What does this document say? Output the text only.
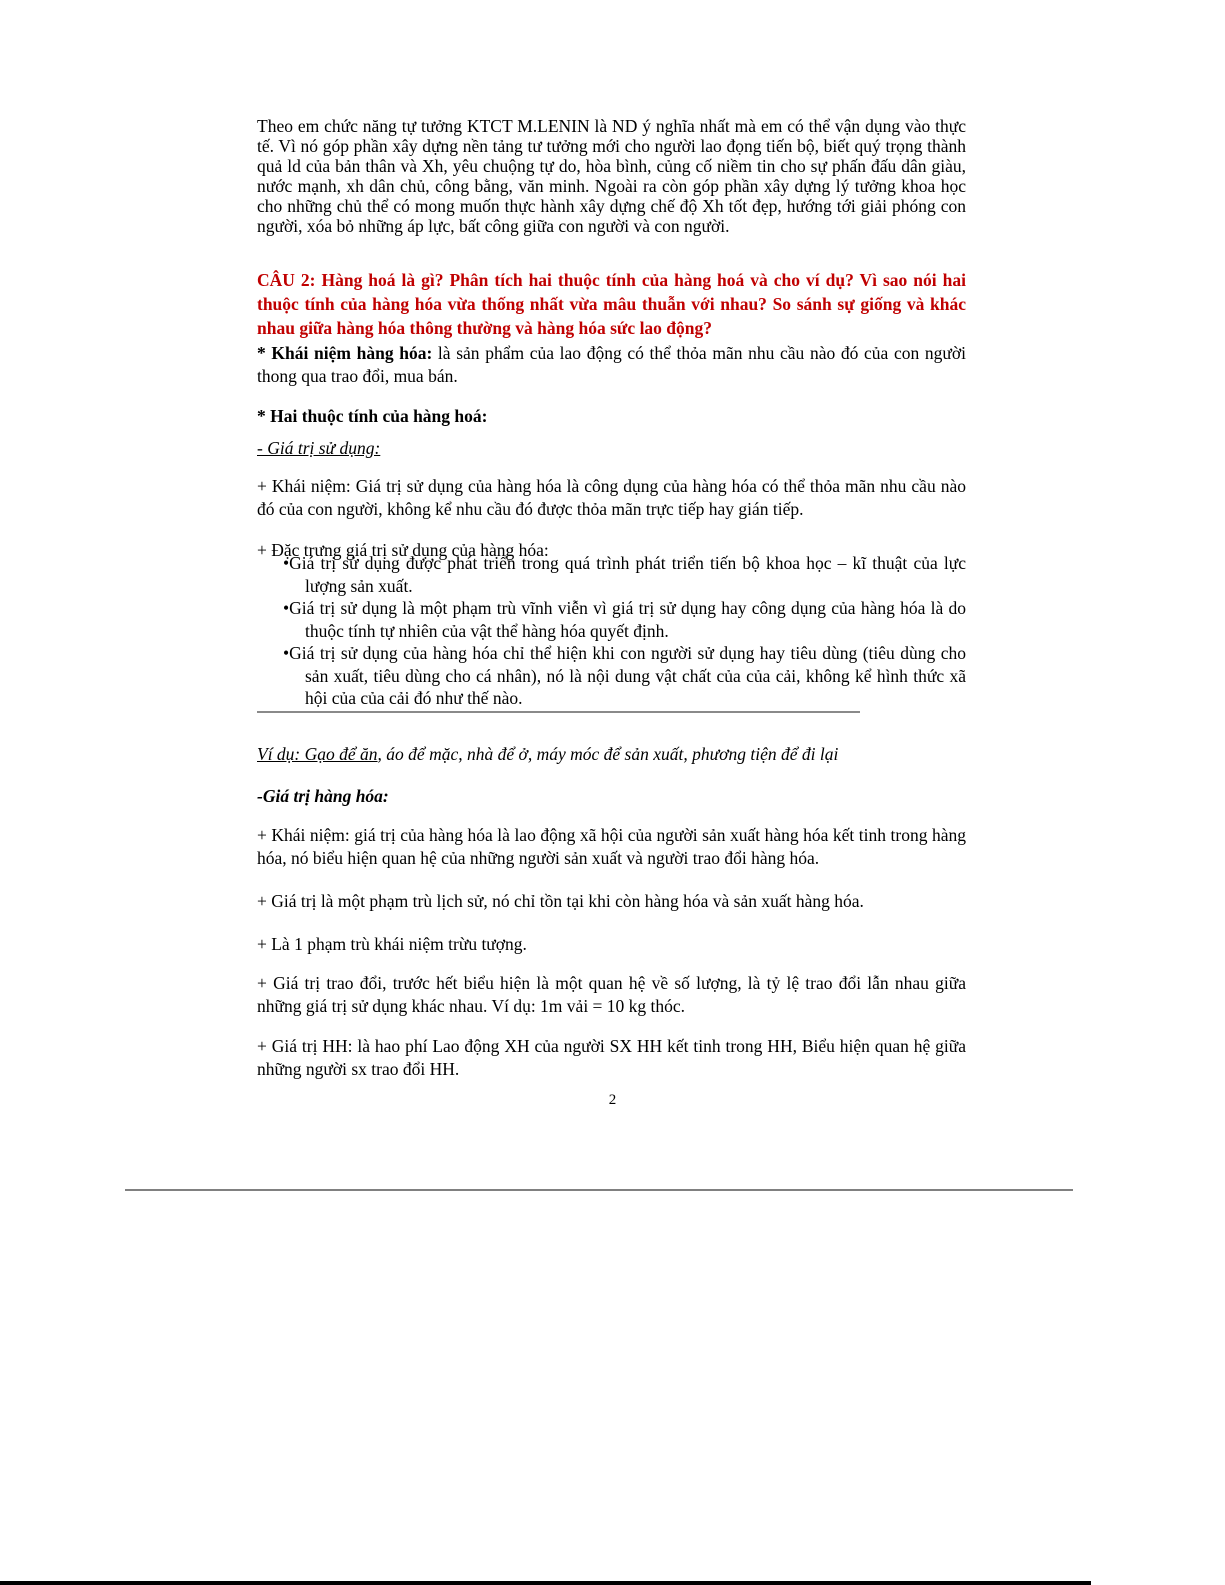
Theo em chức năng tự tưởng KTCT M.LENIN là ND ý nghĩa nhất mà em có thể vận dụng vào thực tế. Vì nó góp phần xây dựng nền tảng tư tưởng mới cho người lao đọng tiến bộ, biết quý trọng thành quả ld của bản thân và Xh, yêu chuộng tự do, hòa bình, củng cố niềm tin cho sự phấn đấu dân giàu, nước mạnh, xh dân chủ, công bằng, văn minh. Ngoài ra còn góp phần xây dựng lý tưởng khoa học cho những chủ thể có mong muốn thực hành xây dựng chế độ Xh tốt đẹp, hướng tới giải phóng con người, xóa bỏ những áp lực, bất công giữa con người và con người.

CÂU 2: Hàng hoá là gì? Phân tích hai thuộc tính của hàng hoá và cho ví dụ? Vì sao nói hai thuộc tính của hàng hóa vừa thống nhất vừa mâu thuẫn với nhau? So sánh sự giống và khác nhau giữa hàng hóa thông thường và hàng hóa sức lao động?

* Khái niệm hàng hóa: là sản phẩm của lao động có thể thỏa mãn nhu cầu nào đó của con người thong qua trao đổi, mua bán.

* Hai thuộc tính của hàng hoá:

- Giá trị sử dụng:

+ Khái niệm: Giá trị sử dụng của hàng hóa là công dụng của hàng hóa có thể thỏa mãn nhu cầu nào đó của con người, không kể nhu cầu đó được thỏa mãn trực tiếp hay gián tiếp.

+ Đặc trưng giá trị sử dụng của hàng hóa:

• Giá trị sử dụng được phát triển trong quá trình phát triển tiến bộ khoa học – kĩ thuật của lực lượng sản xuất.
• Giá trị sử dụng là một phạm trù vĩnh viễn vì giá trị sử dụng hay công dụng của hàng hóa là do thuộc tính tự nhiên của vật thể hàng hóa quyết định.
• Giá trị sử dụng của hàng hóa chỉ thể hiện khi con người sử dụng hay tiêu dùng (tiêu dùng cho sản xuất, tiêu dùng cho cá nhân), nó là nội dung vật chất của của cải, không kể hình thức xã hội của của cải đó như thế nào.

Ví dụ: Gạo để ăn, áo để mặc, nhà để ở, máy móc để sản xuất, phương tiện để đi lại

-Giá trị hàng hóa:

+ Khái niệm: giá trị của hàng hóa là lao động xã hội của người sản xuất hàng hóa kết tinh trong hàng hóa, nó biểu hiện quan hệ của những người sản xuất và người trao đổi hàng hóa.

+ Giá trị là một phạm trù lịch sử, nó chỉ tồn tại khi còn hàng hóa và sản xuất hàng hóa.

+ Là 1 phạm trù khái niệm trừu tượng.

+ Giá trị trao đổi, trước hết biểu hiện là một quan hệ về số lượng, là tỷ lệ trao đổi lẫn nhau giữa những giá trị sử dụng khác nhau. Ví dụ: 1m vải = 10 kg thóc.

+ Giá trị HH: là hao phí Lao động XH của người SX HH kết tinh trong HH, Biểu hiện quan hệ giữa những người sx trao đổi HH.

2
